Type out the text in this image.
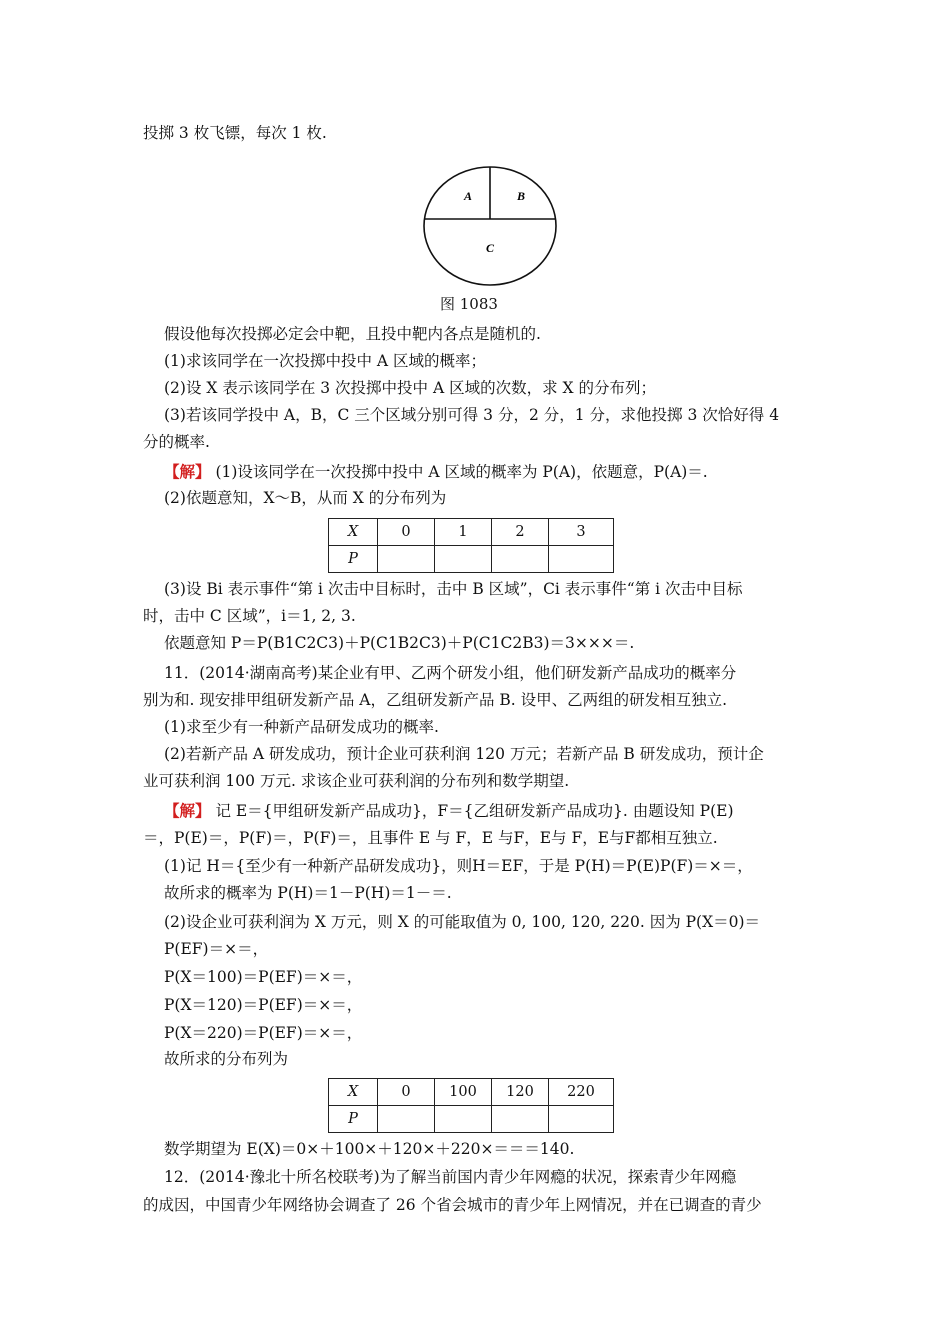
投掷 3 枚飞镖，每次 1 枚.
A	B
C
图 1083
假设他每次投掷必定会中靶，且投中靶内各点是随机的.
(1)求该同学在一次投掷中投中 A 区域的概率；
(2)设 X 表示该同学在 3 次投掷中投中 A 区域的次数，求 X 的分布列；
(3)若该同学投中 A，B，C 三个区域分别可得 3 分，2 分，1 分，求他投掷 3 次恰好得 4
分的概率.
【解】 (1)设该同学在一次投掷中投中 A 区域的概率为 P(A)，依题意，P(A)＝.
(2)依题意知，X～B，从而 X 的分布列为
X	0	1	2	3
P				
(3)设 Bi 表示事件“第 i 次击中目标时，击中 B 区域”，Ci 表示事件“第 i 次击中目标
时，击中 C 区域”，i＝1, 2, 3.
依题意知 P＝P(B1C2C3)＋P(C1B2C3)＋P(C1C2B3)＝3×××＝.
11．(2014·湖南高考)某企业有甲、乙两个研发小组，他们研发新产品成功的概率分
别为和. 现安排甲组研发新产品 A，乙组研发新产品 B. 设甲、乙两组的研发相互独立.
(1)求至少有一种新产品研发成功的概率.
(2)若新产品 A 研发成功，预计企业可获利润 120 万元；若新产品 B 研发成功，预计企
业可获利润 100 万元. 求该企业可获利润的分布列和数学期望.
【解】 记 E＝{甲组研发新产品成功}，F＝{乙组研发新产品成功}. 由题设知 P(E)
＝，P(E)＝，P(F)＝，P(F)＝，且事件 E 与 F，E 与F，E与 F，E与F都相互独立.
(1)记 H＝{至少有一种新产品研发成功}，则H＝EF，于是 P(H)＝P(E)P(F)＝×＝，
故所求的概率为 P(H)＝1－P(H)＝1－＝.
(2)设企业可获利润为 X 万元，则 X 的可能取值为 0, 100, 120, 220. 因为 P(X＝0)＝
P(EF)＝×＝，
P(X＝100)＝P(EF)＝×＝，
P(X＝120)＝P(EF)＝×＝，
P(X＝220)＝P(EF)＝×＝，
故所求的分布列为
X	0	100	120	220
P				
数学期望为 E(X)＝0×＋100×＋120×＋220×＝＝＝140.
12．(2014·豫北十所名校联考)为了解当前国内青少年网瘾的状况，探索青少年网瘾
的成因，中国青少年网络协会调查了 26 个省会城市的青少年上网情况，并在已调查的青少
